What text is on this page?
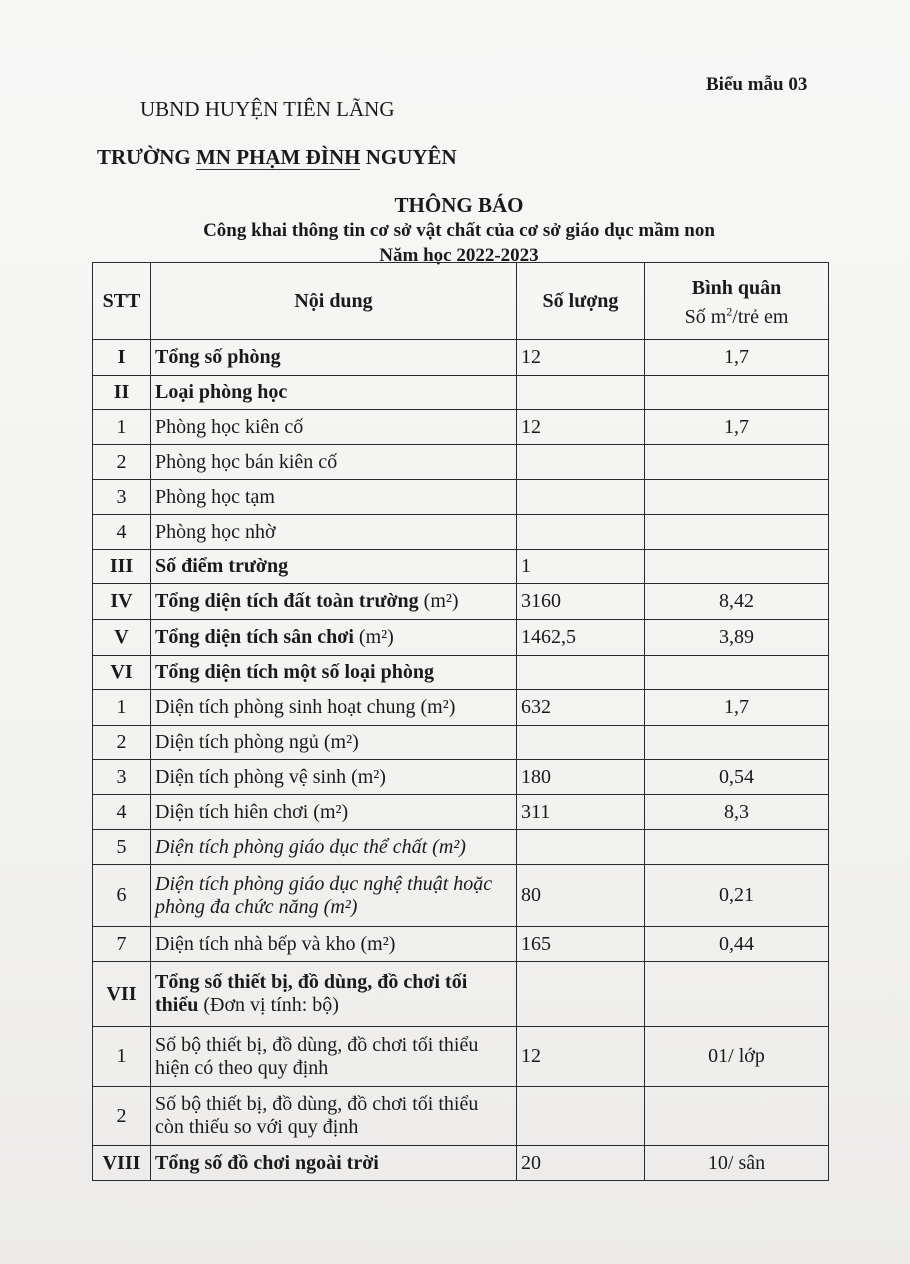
Biểu mẫu 03
UBND HUYỆN TIÊN LÃNG
TRƯỜNG MN PHẠM ĐÌNH NGUYÊN
THÔNG BÁO
Công khai thông tin cơ sở vật chất của cơ sở giáo dục mầm non
Năm học 2022-2023
STT	Nội dung	Số lượng	Bình quân
Số $m^2$/trẻ em

I	Tổng số phòng	12	1,7
II	Loại phòng học		
1	Phòng học kiên cố	12	1,7
2	Phòng học bán kiên cố		
3	Phòng học tạm		
4	Phòng học nhờ		
III	Số điểm trường	1	
IV	Tổng diện tích đất toàn trường (m²)	3160	8,42
V	Tổng diện tích sân chơi (m²)	1462,5	3,89
VI	Tổng diện tích một số loại phòng		
1	Diện tích phòng sinh hoạt chung (m²)	632	1,7
2	Diện tích phòng ngủ (m²)		
3	Diện tích phòng vệ sinh (m²)	180	0,54
4	Diện tích hiên chơi (m²)	311	8,3
5	Diện tích phòng giáo dục thể chất (m²)		
6	Diện tích phòng giáo dục nghệ thuật hoặc phòng đa chức năng (m²)	80	0,21
7	Diện tích nhà bếp và kho (m²)	165	0,44
VII	Tổng số thiết bị, đồ dùng, đồ chơi tối thiểu (Đơn vị tính: bộ)		
1	Số bộ thiết bị, đồ dùng, đồ chơi tối thiểu hiện có theo quy định	12	01/ lớp
2	Số bộ thiết bị, đồ dùng, đồ chơi tối thiểu còn thiếu so với quy định		
VIII	Tổng số đồ chơi ngoài trời	20	10/ sân
